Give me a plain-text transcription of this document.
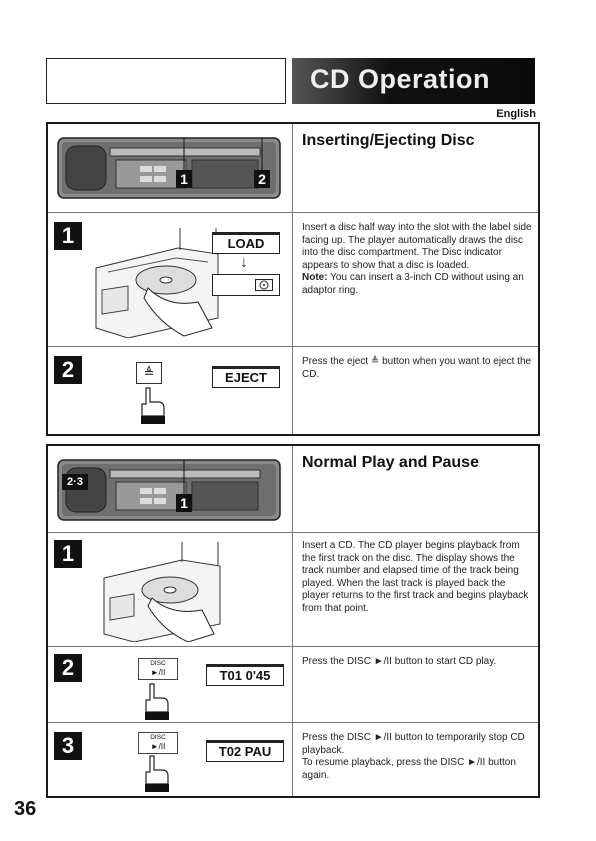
CD Operation
English
Inserting/Ejecting Disc
1	2
1	LOAD
↓
Insert a disc half way into the slot with the label side facing up. The player automatically draws the disc into the disc compartment. The Disc indicator appears to show that a disc is loaded.
Note: You can insert a 3-inch CD without using an adaptor ring.
2	≜	EJECT
Press the eject ≜ button when you want to eject the CD.
Normal Play and Pause
2·3
1
1	Insert a CD. The CD player begins playback from the first track on the disc. The display shows the track number and elapsed time of the track being played. When the last track is played back the player returns to the first track and begins playback from that point.
2	DISC
►/II	T01 0'45
Press the DISC ►/II button to start CD play.
3	DISC
►/II	T02 PAU
Press the DISC ►/II button to temporarily stop CD playback.
To resume playback, press the DISC ►/II button again.
36
